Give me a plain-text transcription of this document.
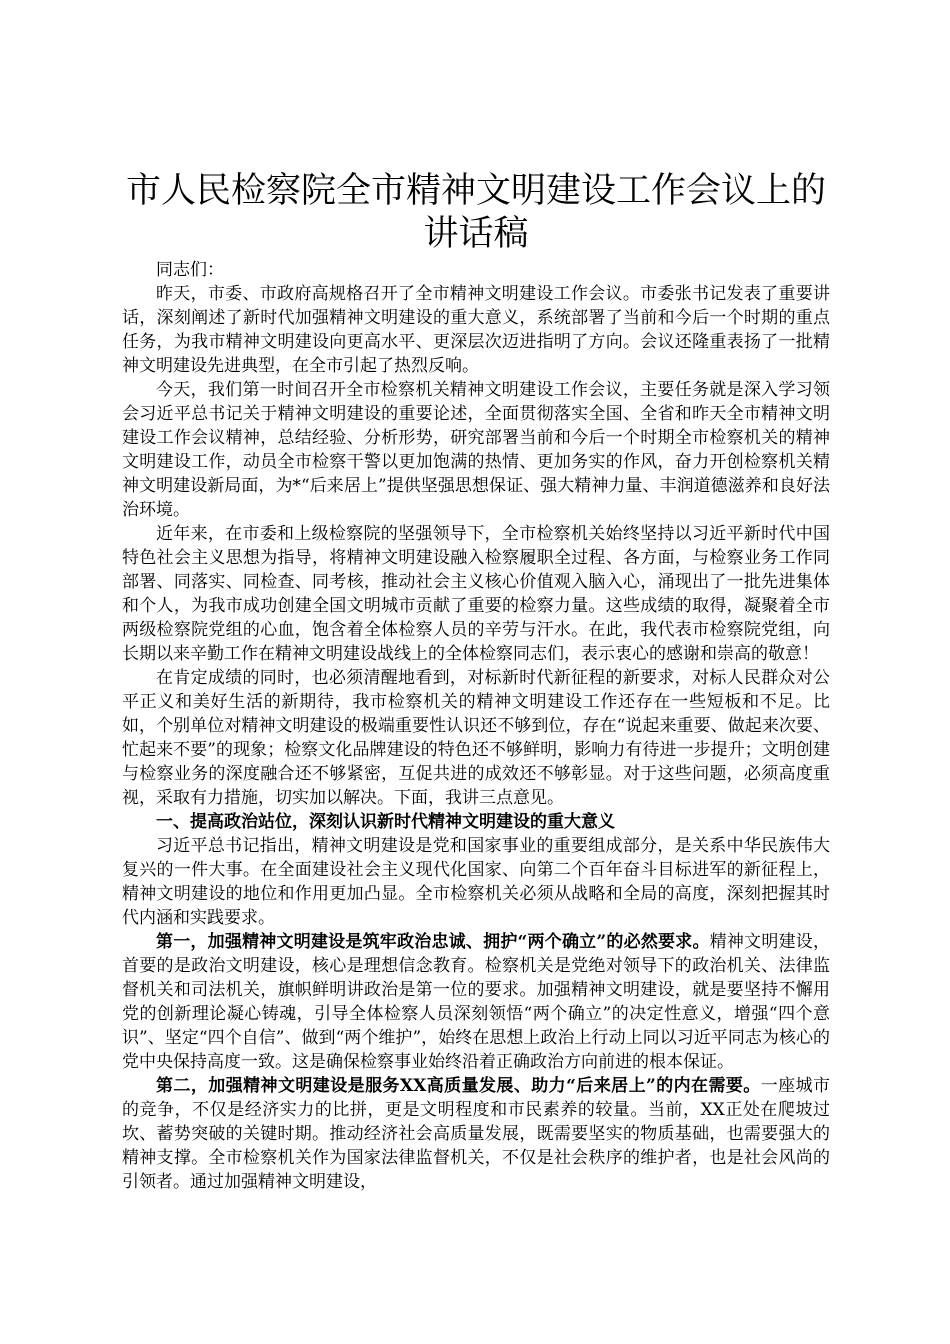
市人民检察院全市精神文明建设工作会议上的
讲话稿

同志们：

昨天，市委、市政府高规格召开了全市精神文明建设工作会议。市委张书记发表了重要讲话，深刻阐述了新时代加强精神文明建设的重大意义，系统部署了当前和今后一个时期的重点任务，为我市精神文明建设向更高水平、更深层次迈进指明了方向。会议还隆重表扬了一批精神文明建设先进典型，在全市引起了热烈反响。

今天，我们第一时间召开全市检察机关精神文明建设工作会议，主要任务就是深入学习领会习近平总书记关于精神文明建设的重要论述，全面贯彻落实全国、全省和昨天全市精神文明建设工作会议精神，总结经验、分析形势，研究部署当前和今后一个时期全市检察机关的精神文明建设工作，动员全市检察干警以更加饱满的热情、更加务实的作风，奋力开创检察机关精神文明建设新局面，为*“后来居上”提供坚强思想保证、强大精神力量、丰润道德滋养和良好法治环境。

近年来，在市委和上级检察院的坚强领导下，全市检察机关始终坚持以习近平新时代中国特色社会主义思想为指导，将精神文明建设融入检察履职全过程、各方面，与检察业务工作同部署、同落实、同检查、同考核，推动社会主义核心价值观入脑入心，涌现出了一批先进集体和个人，为我市成功创建全国文明城市贡献了重要的检察力量。这些成绩的取得，凝聚着全市两级检察院党组的心血，饱含着全体检察人员的辛劳与汗水。在此，我代表市检察院党组，向长期以来辛勤工作在精神文明建设战线上的全体检察同志们，表示衷心的感谢和崇高的敬意！

在肯定成绩的同时，也必须清醒地看到，对标新时代新征程的新要求，对标人民群众对公平正义和美好生活的新期待，我市检察机关的精神文明建设工作还存在一些短板和不足。比如，个别单位对精神文明建设的极端重要性认识还不够到位，存在“说起来重要、做起来次要、忙起来不要”的现象；检察文化品牌建设的特色还不够鲜明，影响力有待进一步提升；文明创建与检察业务的深度融合还不够紧密，互促共进的成效还不够彰显。对于这些问题，必须高度重视，采取有力措施，切实加以解决。下面，我讲三点意见。

一、提高政治站位，深刻认识新时代精神文明建设的重大意义

习近平总书记指出，精神文明建设是党和国家事业的重要组成部分，是关系中华民族伟大复兴的一件大事。在全面建设社会主义现代化国家、向第二个百年奋斗目标进军的新征程上，精神文明建设的地位和作用更加凸显。全市检察机关必须从战略和全局的高度，深刻把握其时代内涵和实践要求。

第一，加强精神文明建设是筑牢政治忠诚、拥护“两个确立”的必然要求。精神文明建设，首要的是政治文明建设，核心是理想信念教育。检察机关是党绝对领导下的政治机关、法律监督机关和司法机关，旗帜鲜明讲政治是第一位的要求。加强精神文明建设，就是要坚持不懈用党的创新理论凝心铸魂，引导全体检察人员深刻领悟“两个确立”的决定性意义，增强“四个意识”、坚定“四个自信”、做到“两个维护”，始终在思想上政治上行动上同以习近平同志为核心的党中央保持高度一致。这是确保检察事业始终沿着正确政治方向前进的根本保证。

第二，加强精神文明建设是服务XX高质量发展、助力“后来居上”的内在需要。一座城市的竞争，不仅是经济实力的比拼，更是文明程度和市民素养的较量。当前，XX正处在爬坡过坎、蓄势突破的关键时期。推动经济社会高质量发展，既需要坚实的物质基础，也需要强大的精神支撑。全市检察机关作为国家法律监督机关，不仅是社会秩序的维护者，也是社会风尚的引领者。通过加强精神文明建设，
